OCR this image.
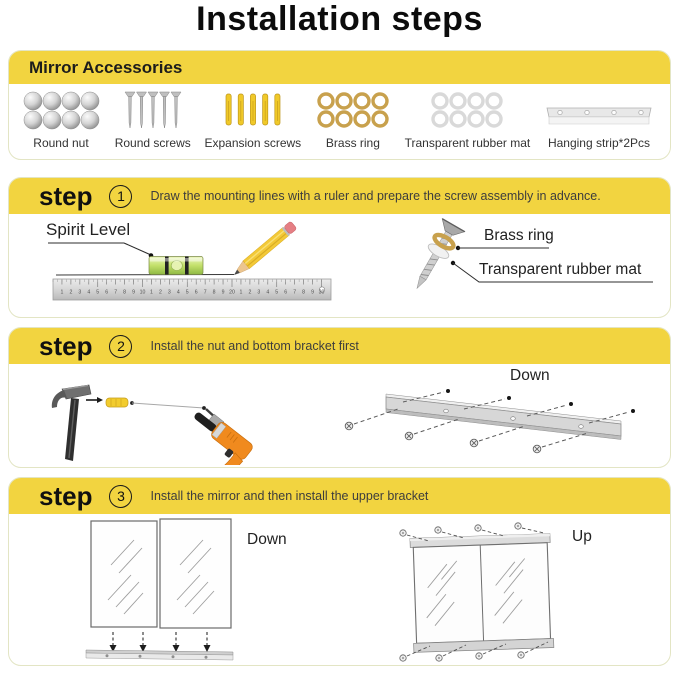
Installation steps
Mirror Accessories
Round nut Round screws Expansion screws Brass ring Transparent rubber mat Hanging strip*2Pcs
step	1	Draw the mounting lines with a ruler and prepare the screw assembly in advance.
Spirit Level
1 2 3 4 5 6 7 8 9 10 1 2 3 4 5 6 7 8 9 20 1 2 3 4 5 6 7 8 9 30
Brass ring
Transparent rubber mat
step	2	Install the nut and bottom bracket first
Down
step	3	Install the mirror and then install the upper bracket
Down	Up
